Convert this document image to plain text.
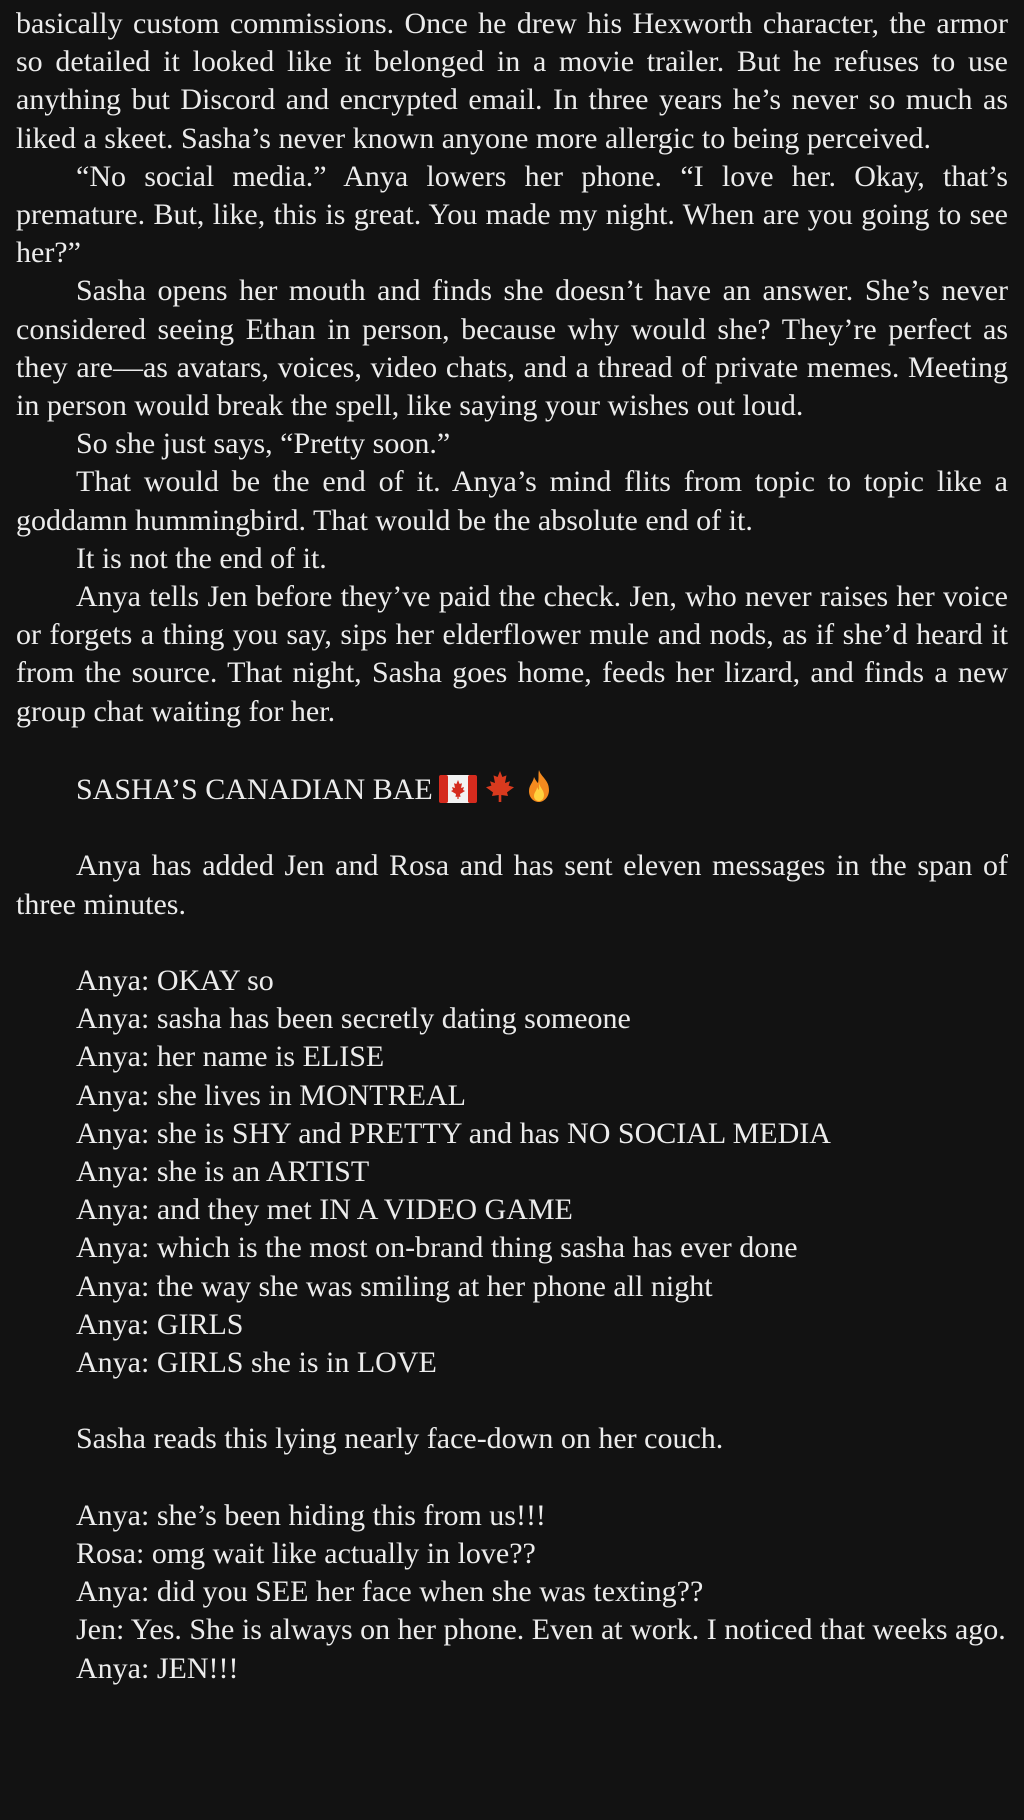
basically custom commissions. Once he drew his Hexworth character, the armor so detailed it looked like it belonged in a movie trailer. But he refuses to use anything but Discord and encrypted email. In three years he’s never so much as liked a skeet. Sasha’s never known anyone more allergic to being perceived.

“No social media.” Anya lowers her phone. “I love her. Okay, that’s premature. But, like, this is great. You made my night. When are you going to see her?”

Sasha opens her mouth and finds she doesn’t have an answer. She’s never considered seeing Ethan in person, because why would she? They’re perfect as they are—as avatars, voices, video chats, and a thread of private memes. Meeting in person would break the spell, like saying your wishes out loud.

So she just says, “Pretty soon.”

That would be the end of it. Anya’s mind flits from topic to topic like a goddamn hummingbird. That would be the absolute end of it.

It is not the end of it.

Anya tells Jen before they’ve paid the check. Jen, who never raises her voice or forgets a thing you say, sips her elderflower mule and nods, as if she’d heard it from the source. That night, Sasha goes home, feeds her lizard, and finds a new group chat waiting for her.

SASHA’S CANADIAN BAE

Anya has added Jen and Rosa and has sent eleven messages in the span of three minutes.

Anya: OKAY so

Anya: sasha has been secretly dating someone

Anya: her name is ELISE

Anya: she lives in MONTREAL

Anya: she is SHY and PRETTY and has NO SOCIAL MEDIA

Anya: she is an ARTIST

Anya: and they met IN A VIDEO GAME

Anya: which is the most on-brand thing sasha has ever done

Anya: the way she was smiling at her phone all night

Anya: GIRLS

Anya: GIRLS she is in LOVE

Sasha reads this lying nearly face-down on her couch.

Anya: she’s been hiding this from us!!!

Rosa: omg wait like actually in love??

Anya: did you SEE her face when she was texting??

Jen: Yes. She is always on her phone. Even at work. I noticed that weeks ago.

Anya: JEN!!!
